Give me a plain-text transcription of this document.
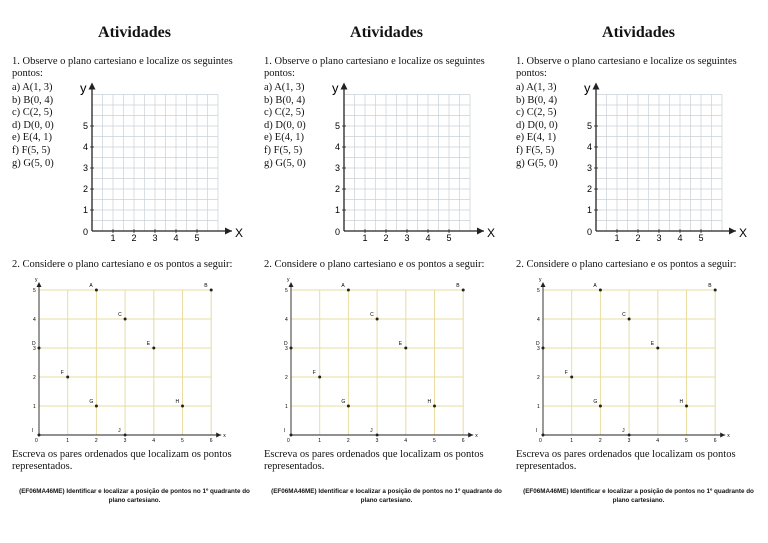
Atividades
1. Observe o plano cartesiano e localize os seguintes pontos:
a) A(1, 3)
b) B(0, 4)
c) C(2, 5)
d) D(0, 0)
e) E(4, 1)
f) F(5, 5)
g) G(5, 0)
y
X
0
1 2 3 4 5
1
2
3
4
5
2. Considere o plano cartesiano e os pontos a seguir:
y
x
0	1	2	3	4	5	6
1
2
3
4
5
A	B
C
D	E
F
G	H
I	J
Escreva os pares ordenados que localizam os pontos representados.
(EF06MA46ME) Identificar e localizar a posição de pontos no 1º quadrante do plano cartesiano.
Atividades
1. Observe o plano cartesiano e localize os seguintes pontos:
a) A(1, 3)
b) B(0, 4)
c) C(2, 5)
d) D(0, 0)
e) E(4, 1)
f) F(5, 5)
g) G(5, 0)
y
X
0
1 2 3 4 5
1
2
3
4
5
2. Considere o plano cartesiano e os pontos a seguir:
y
x
0	1	2	3	4	5	6
1
2
3
4
5
A	B
C
D	E
F
G	H
I	J
Escreva os pares ordenados que localizam os pontos representados.
(EF06MA46ME) Identificar e localizar a posição de pontos no 1º quadrante do plano cartesiano.
Atividades
1. Observe o plano cartesiano e localize os seguintes pontos:
a) A(1, 3)
b) B(0, 4)
c) C(2, 5)
d) D(0, 0)
e) E(4, 1)
f) F(5, 5)
g) G(5, 0)
y
X
0
1 2 3 4 5
1
2
3
4
5
2. Considere o plano cartesiano e os pontos a seguir:
y
x
0	1	2	3	4	5	6
1
2
3
4
5
A	B
C
D	E
F
G	H
I	J
Escreva os pares ordenados que localizam os pontos representados.
(EF06MA46ME) Identificar e localizar a posição de pontos no 1º quadrante do plano cartesiano.
